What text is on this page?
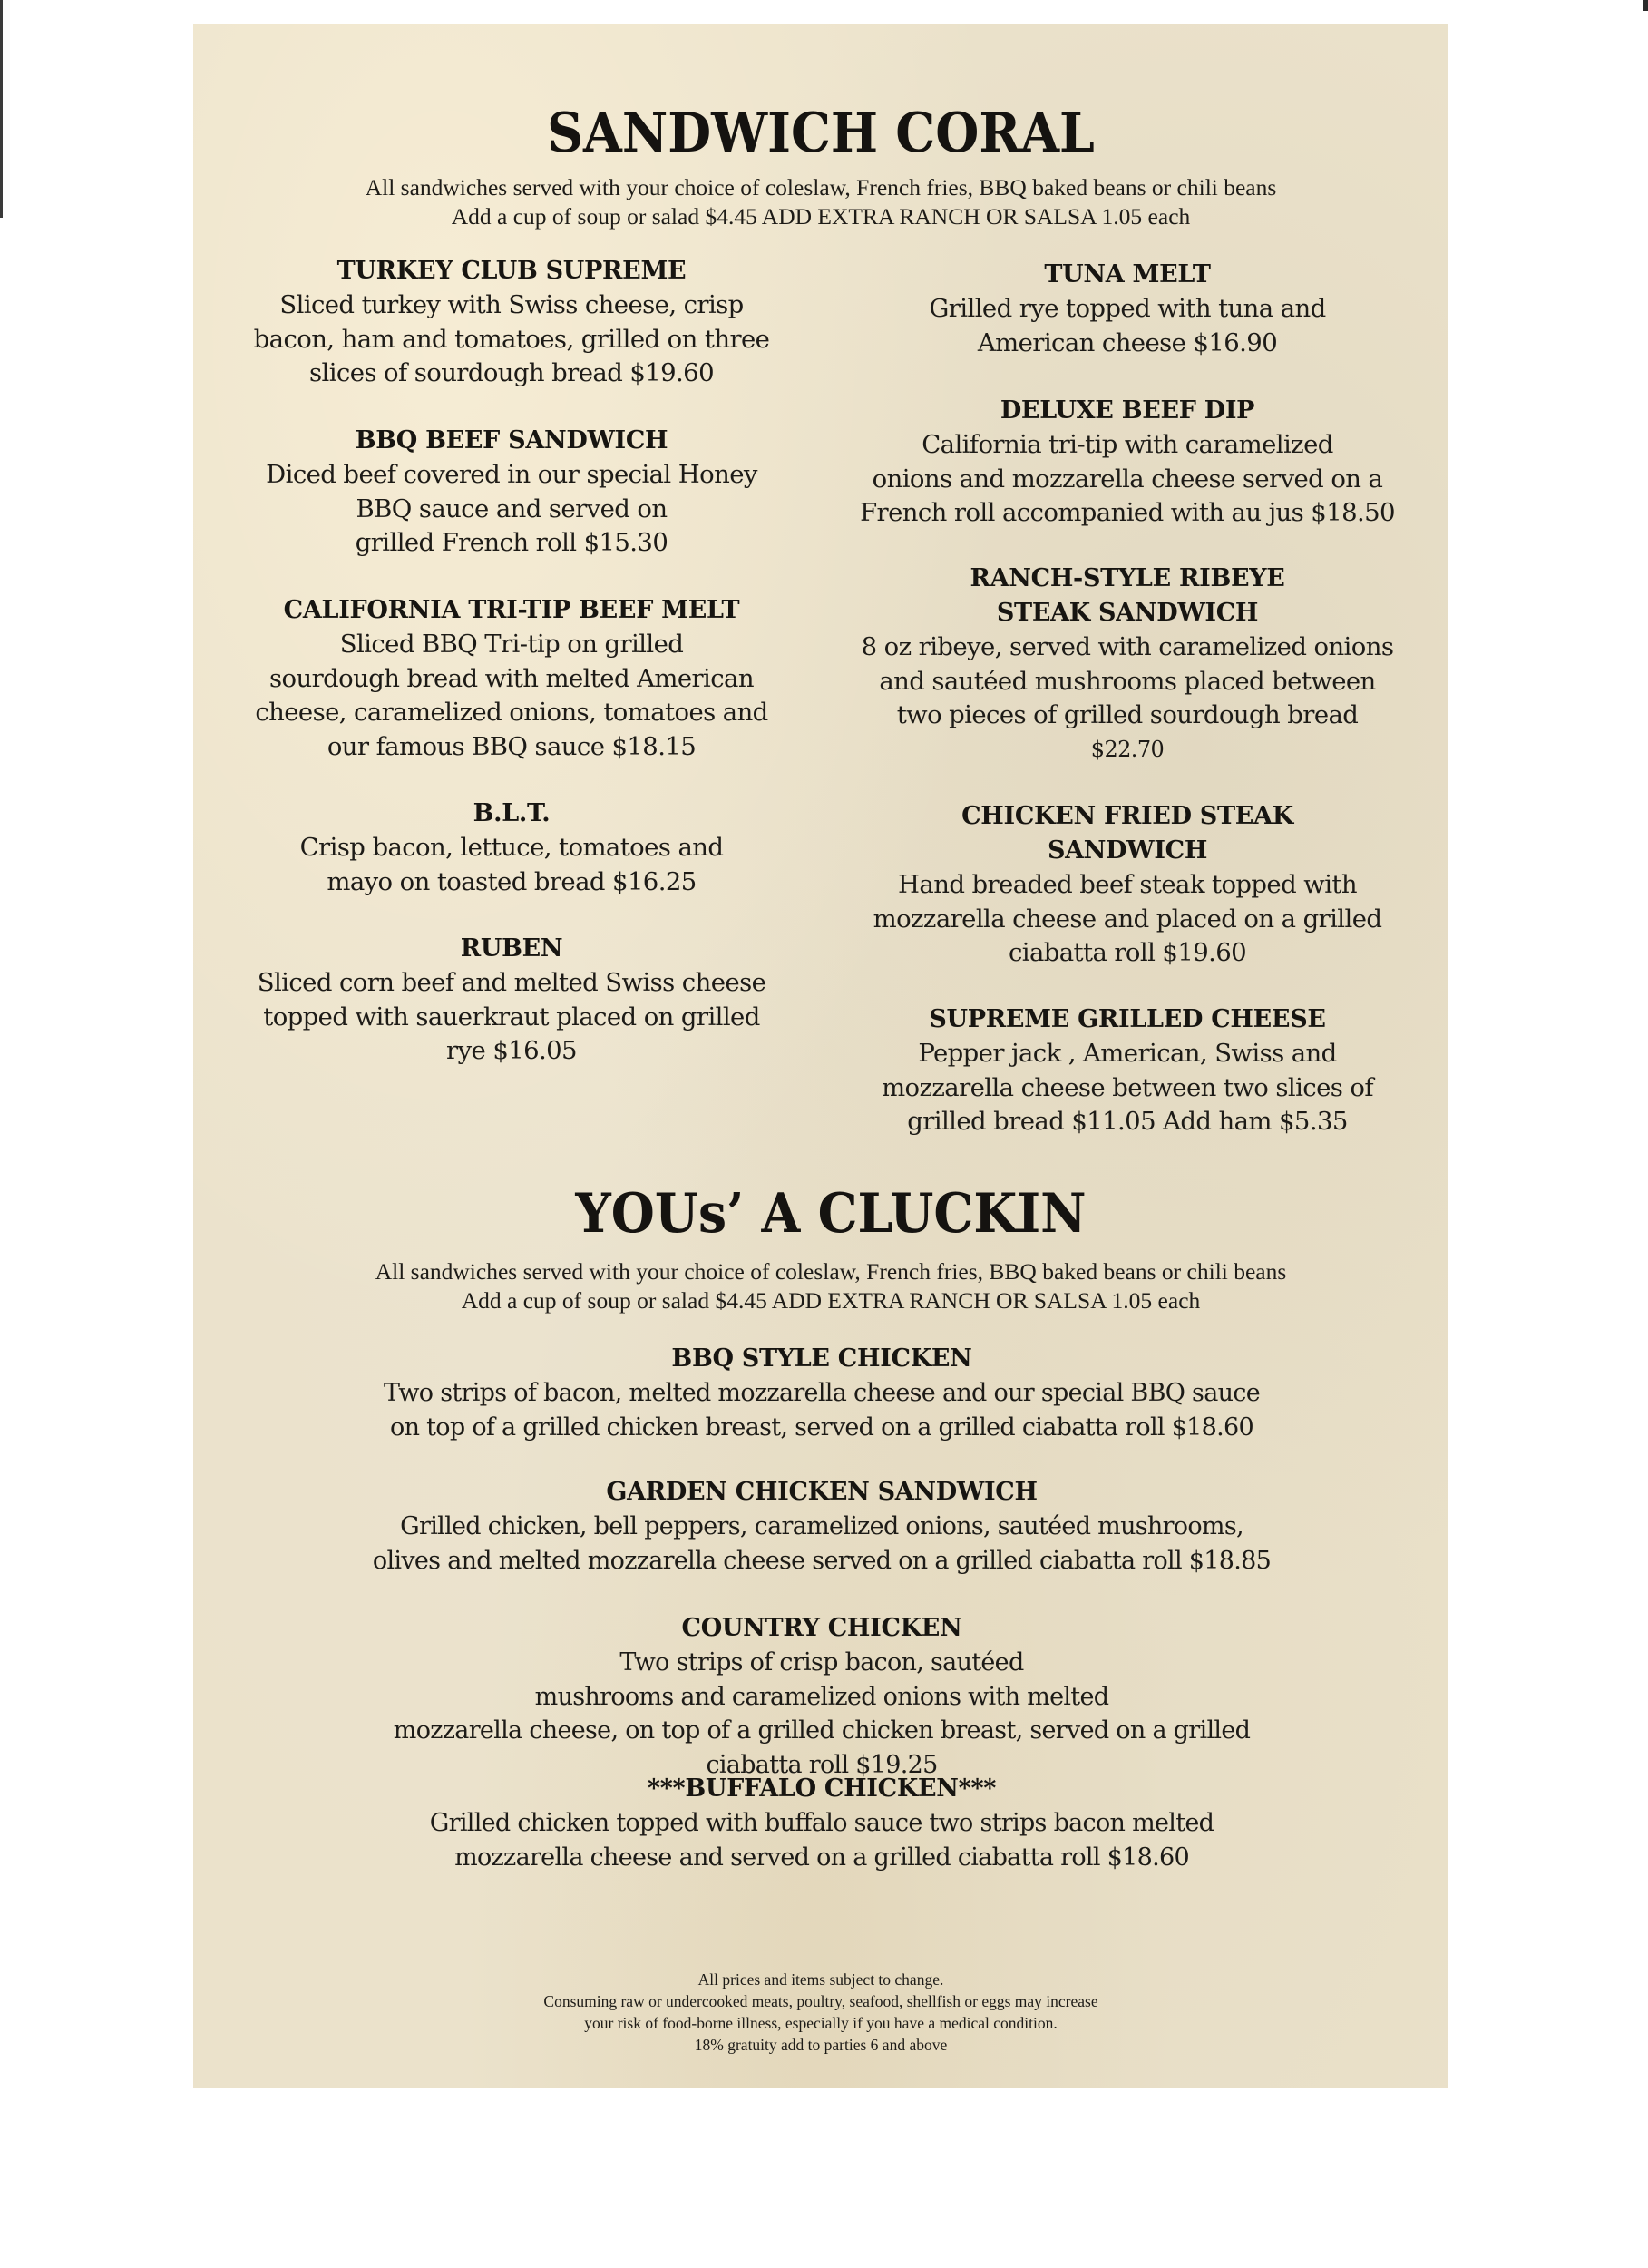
SANDWICH CORAL
All sandwiches served with your choice of coleslaw, French fries, BBQ baked beans or chili beans
Add a cup of soup or salad $4.45 ADD EXTRA RANCH OR SALSA 1.05 each
TURKEY CLUB SUPREME
Sliced turkey with Swiss cheese, crisp
bacon, ham and tomatoes, grilled on three
slices of sourdough bread $19.60
BBQ BEEF SANDWICH
Diced beef covered in our special Honey
BBQ sauce and served on
grilled French roll $15.30
CALIFORNIA TRI-TIP BEEF MELT
Sliced BBQ Tri-tip on grilled
sourdough bread with melted American
cheese, caramelized onions, tomatoes and
our famous BBQ sauce $18.15
B.L.T.
Crisp bacon, lettuce, tomatoes and
mayo on toasted bread $16.25
RUBEN
Sliced corn beef and melted Swiss cheese
topped with sauerkraut placed on grilled
rye $16.05
TUNA MELT
Grilled rye topped with tuna and
American cheese $16.90
DELUXE BEEF DIP
California tri-tip with caramelized
onions and mozzarella cheese served on a
French roll accompanied with au jus $18.50
RANCH-STYLE RIBEYE
STEAK SANDWICH
8 oz ribeye, served with caramelized onions
and sautéed mushrooms placed between
two pieces of grilled sourdough bread
$22.70
CHICKEN FRIED STEAK
SANDWICH
Hand breaded beef steak topped with
mozzarella cheese and placed on a grilled
ciabatta roll $19.60
SUPREME GRILLED CHEESE
Pepper jack , American, Swiss and
mozzarella cheese between two slices of
grilled bread $11.05 Add ham $5.35
YOUs’ A CLUCKIN
All sandwiches served with your choice of coleslaw, French fries, BBQ baked beans or chili beans
Add a cup of soup or salad $4.45 ADD EXTRA RANCH OR SALSA 1.05 each
BBQ STYLE CHICKEN
Two strips of bacon, melted mozzarella cheese and our special BBQ sauce
on top of a grilled chicken breast, served on a grilled ciabatta roll $18.60
GARDEN CHICKEN SANDWICH
Grilled chicken, bell peppers, caramelized onions, sautéed mushrooms,
olives and melted mozzarella cheese served on a grilled ciabatta roll $18.85
COUNTRY CHICKEN
Two strips of crisp bacon, sautéed
mushrooms and caramelized onions with melted
mozzarella cheese, on top of a grilled chicken breast, served on a grilled
ciabatta roll $19.25
***BUFFALO CHICKEN***
Grilled chicken topped with buffalo sauce two strips bacon melted
mozzarella cheese and served on a grilled ciabatta roll $18.60
All prices and items subject to change.
Consuming raw or undercooked meats, poultry, seafood, shellfish or eggs may increase
your risk of food-borne illness, especially if you have a medical condition.
18% gratuity add to parties 6 and above
